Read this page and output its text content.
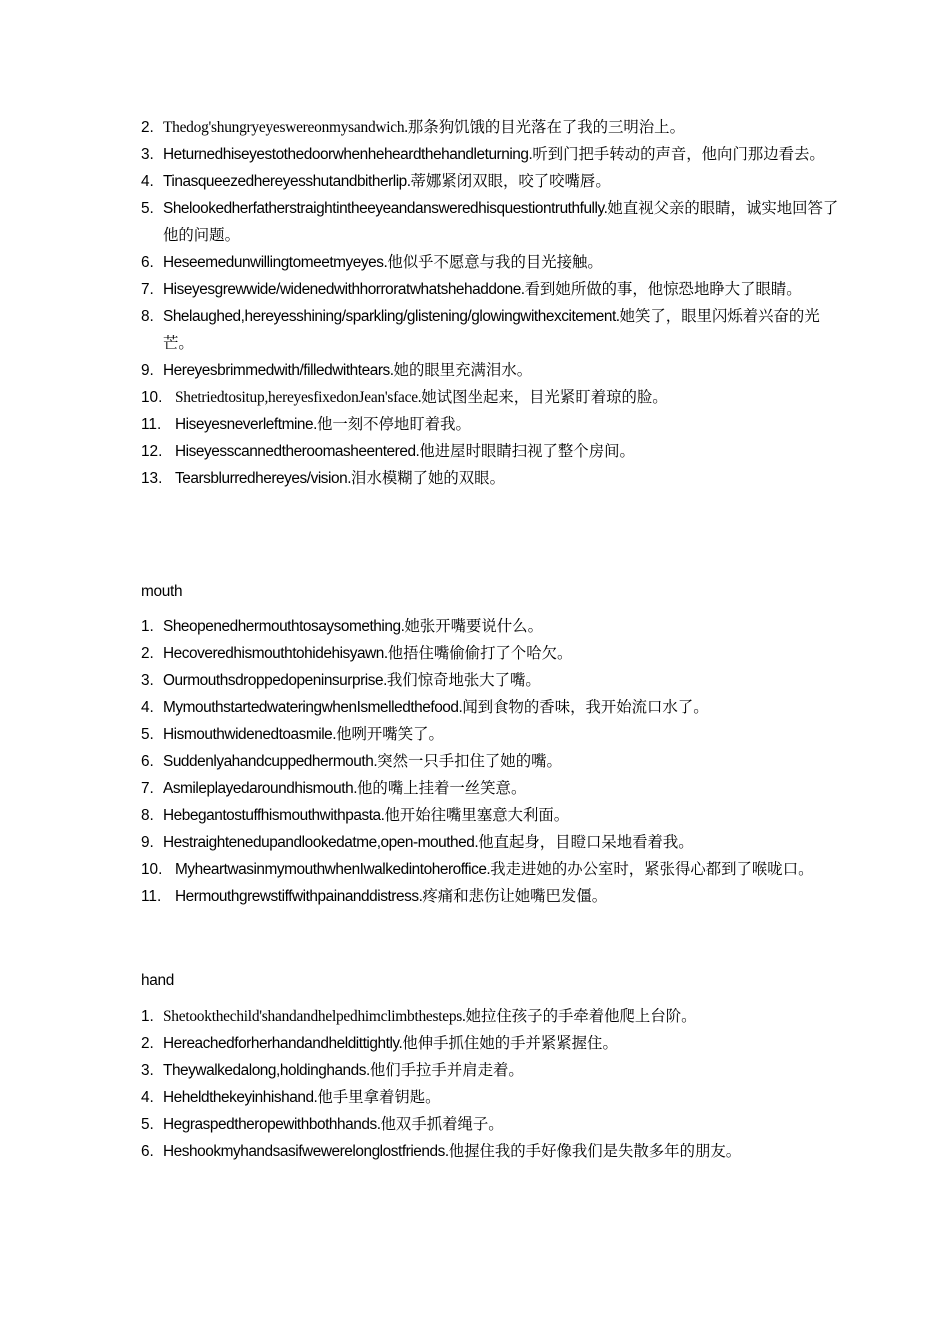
2. Thedog'shungryeyeswereonmysandwich.那条狗饥饿的目光落在了我的三明治上。
3. Heturnedhiseyestothedoorwhenheheardthehandleturning.听到门把手转动的声音，他向门那边看去。
4. Tinasqueezedhereyesshutandbitherlip.蒂娜紧闭双眼，咬了咬嘴唇。
5. Shelookedherfatherstraightintheeyeandansweredhisquestiontruthfully.她直视父亲的眼睛，诚实地回答了他的问题。
6. Heseemedunwillingtomeetmyeyes.他似乎不愿意与我的目光接触。
7. Hiseyesgrewwide/widenedwithhorroratwhatshehaddone.看到她所做的事，他惊恐地睁大了眼睛。
8. Shelaughed,hereyesshining/sparkling/glistening/glowingwithexcitement.她笑了，眼里闪烁着兴奋的光芒。
9. Hereyesbrimmedwith/filledwithtears.她的眼里充满泪水。
10. Shetriedtositup,hereyesfixedonJean'sface.她试图坐起来，目光紧盯着琼的脸。
11. Hiseyesneverleftmine.他一刻不停地盯着我。
12. Hiseyesscannedtheroomasheentered.他进屋时眼睛扫视了整个房间。
13. Tearsblurredhereyes/vision.泪水模糊了她的双眼。
mouth
1. Sheopenedhermouthtosaysomething.她张开嘴要说什么。
2. Hecoveredhismouthtohidehisyawn.他捂住嘴偷偷打了个哈欠。
3. Ourmouthsdroppedopeninsurprise.我们惊奇地张大了嘴。
4. MymouthstartedwateringwhenIsmelledthefood.闻到食物的香味，我开始流口水了。
5. Hismouthwidenedtoasmile.他咧开嘴笑了。
6. Suddenlyahandcuppedhermouth.突然一只手扣住了她的嘴。
7. Asmileplayedaroundhismouth.他的嘴上挂着一丝笑意。
8. Hebegantostuffhismouthwithpasta.他开始往嘴里塞意大利面。
9. Hestraightenedupandlookedatme,open-mouthed.他直起身，目瞪口呆地看着我。
10. MyheartwasinmymouthwhenIwalkedintoheroffice.我走进她的办公室时，紧张得心都到了喉咙口。
11. Hermouthgrewstiffwithpainanddistress.疼痛和悲伤让她嘴巴发僵。
hand
1. Shetookthechild'shandandhelpedhimclimbthesteps.她拉住孩子的手牵着他爬上台阶。
2. Hereachedforherhandandheldittightly.他伸手抓住她的手并紧紧握住。
3. Theywalkedalong,holdinghands.他们手拉手并肩走着。
4. Heheldthekeyinhishand.他手里拿着钥匙。
5. Hegraspedtheropewithbothhands.他双手抓着绳子。
6. Heshookmyhandsasifwewerelonglostfriends.他握住我的手好像我们是失散多年的朋友。
